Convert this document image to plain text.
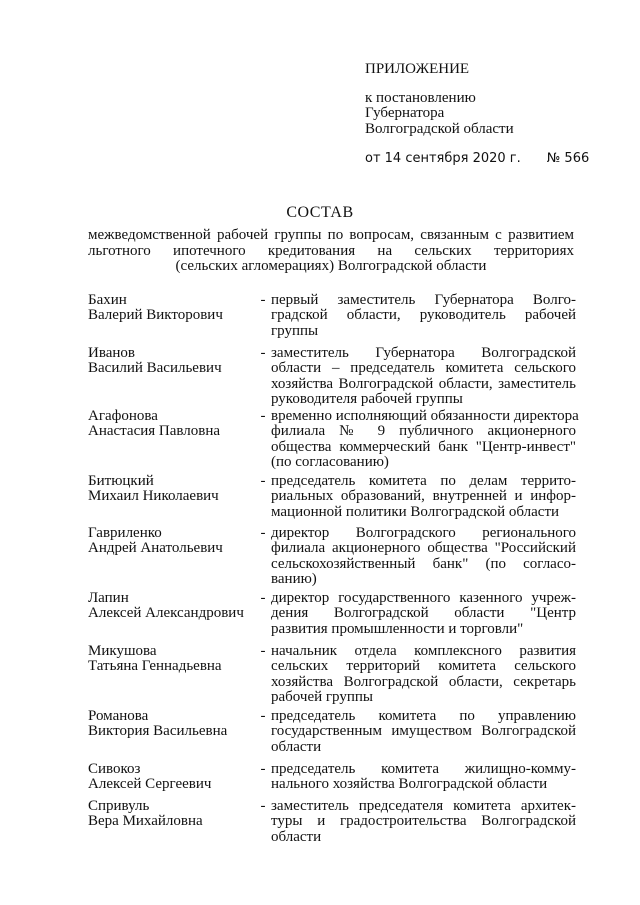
ПРИЛОЖЕНИЕ
к постановлению
Губернатора
Волгоградской области
от 14 сентября 2020 г. № 566
СОСТАВ
межведомственной рабочей группы по вопросам, связанным с развитием
льготного ипотечного кредитования на сельских территориях
(сельских агломерациях) Волгоградской области
Бахин
Валерий Викторович
- первый заместитель Губернатора Волго-
градской области, руководитель рабочей
группы
Иванов
Василий Васильевич
- заместитель Губернатора Волгоградской
области – председатель комитета сельского
хозяйства Волгоградской области, заместитель
руководителя рабочей группы
Агафонова
Анастасия Павловна
- временно исполняющий обязанности директора
филиала № 9 публичного акционерного
общества коммерческий банк "Центр-инвест"
(по согласованию)
Битюцкий
Михаил Николаевич
- председатель комитета по делам террито-
риальных образований, внутренней и инфор-
мационной политики Волгоградской области
Гавриленко
Андрей Анатольевич
- директор Волгоградского регионального
филиала акционерного общества "Российский
сельскохозяйственный банк" (по согласо-
ванию)
Лапин
Алексей Александрович
- директор государственного казенного учреж-
дения Волгоградской области "Центр
развития промышленности и торговли"
Микушова
Татьяна Геннадьевна
- начальник отдела комплексного развития
сельских территорий комитета сельского
хозяйства Волгоградской области, секретарь
рабочей группы
Романова
Виктория Васильевна
- председатель комитета по управлению
государственным имуществом Волгоградской
области
Сивокоз
Алексей Сергеевич
- председатель комитета жилищно-комму-
нального хозяйства Волгоградской области
Спривуль
Вера Михайловна
- заместитель председателя комитета архитек-
туры и градостроительства Волгоградской
области
